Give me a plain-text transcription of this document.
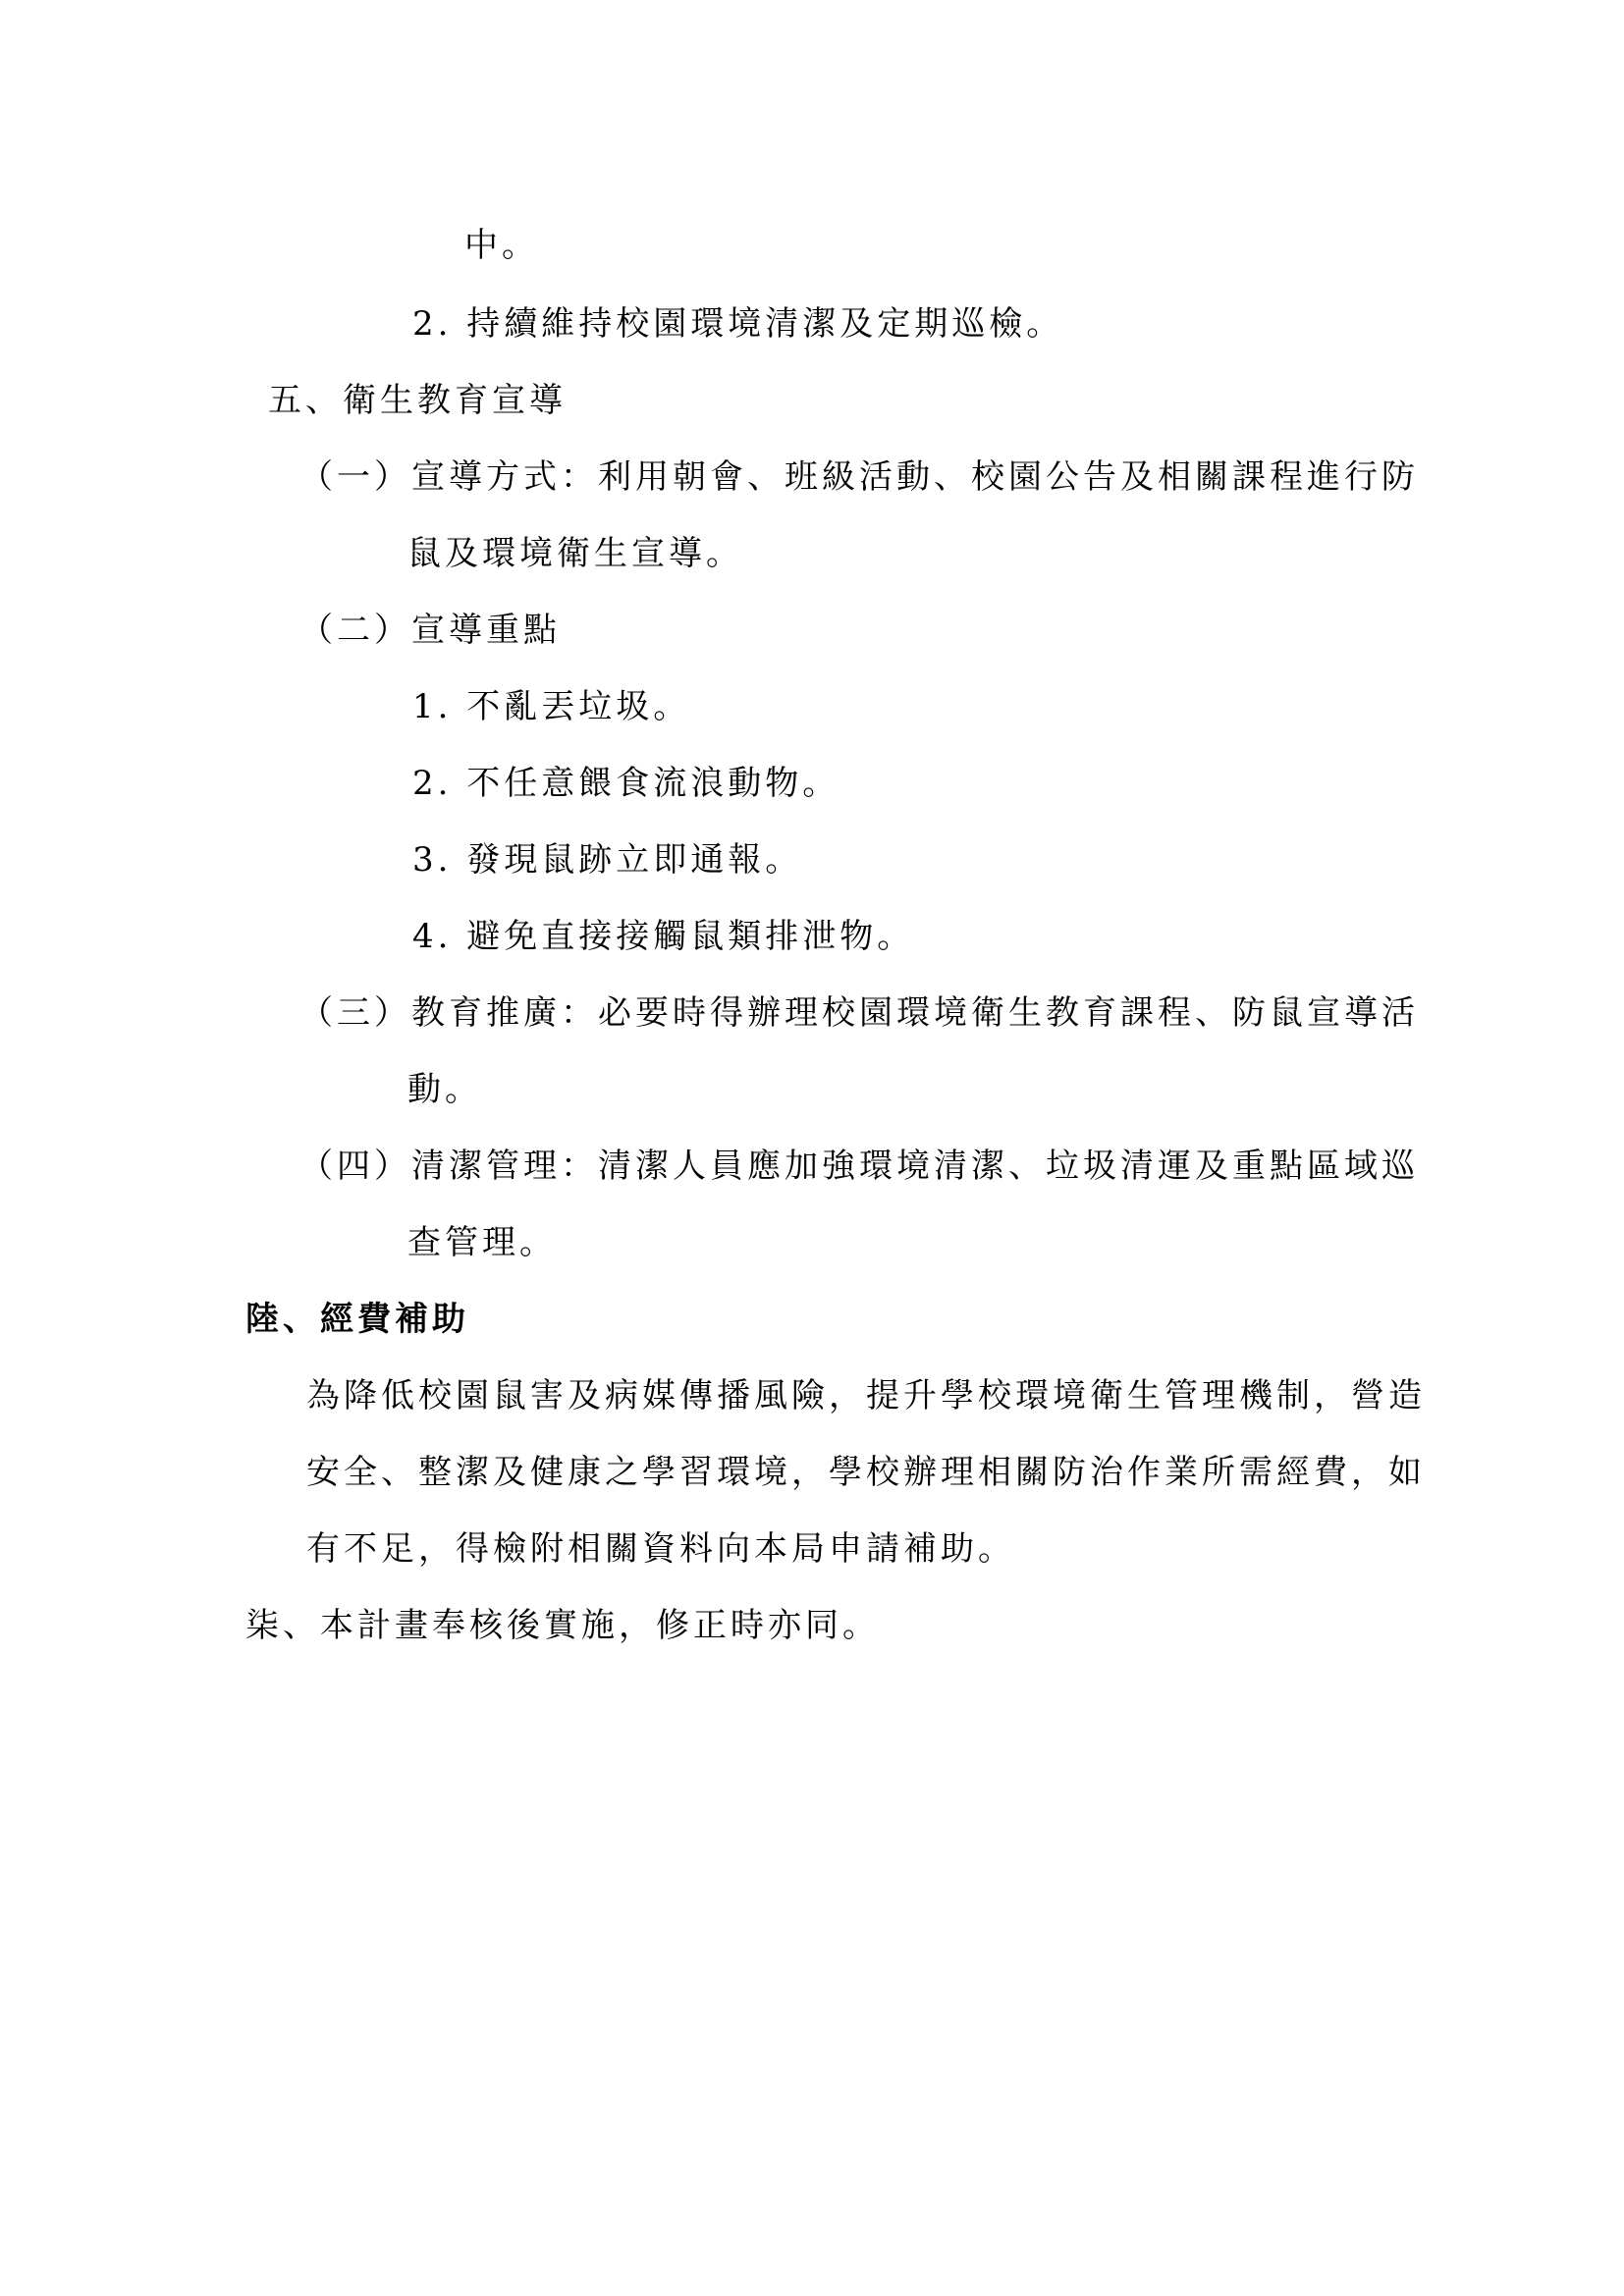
中。
2. 持續維持校園環境清潔及定期巡檢。
五、衛生教育宣導
（一）宣導方式：利用朝會、班級活動、校園公告及相關課程進行防
鼠及環境衛生宣導。
（二）宣導重點
1. 不亂丟垃圾。
2. 不任意餵食流浪動物。
3. 發現鼠跡立即通報。
4. 避免直接接觸鼠類排泄物。
（三）教育推廣：必要時得辦理校園環境衛生教育課程、防鼠宣導活
動。
（四）清潔管理：清潔人員應加強環境清潔、垃圾清運及重點區域巡
查管理。
陸、經費補助
為降低校園鼠害及病媒傳播風險，提升學校環境衛生管理機制，營造
安全、整潔及健康之學習環境，學校辦理相關防治作業所需經費，如
有不足，得檢附相關資料向本局申請補助。
柒、本計畫奉核後實施，修正時亦同。
